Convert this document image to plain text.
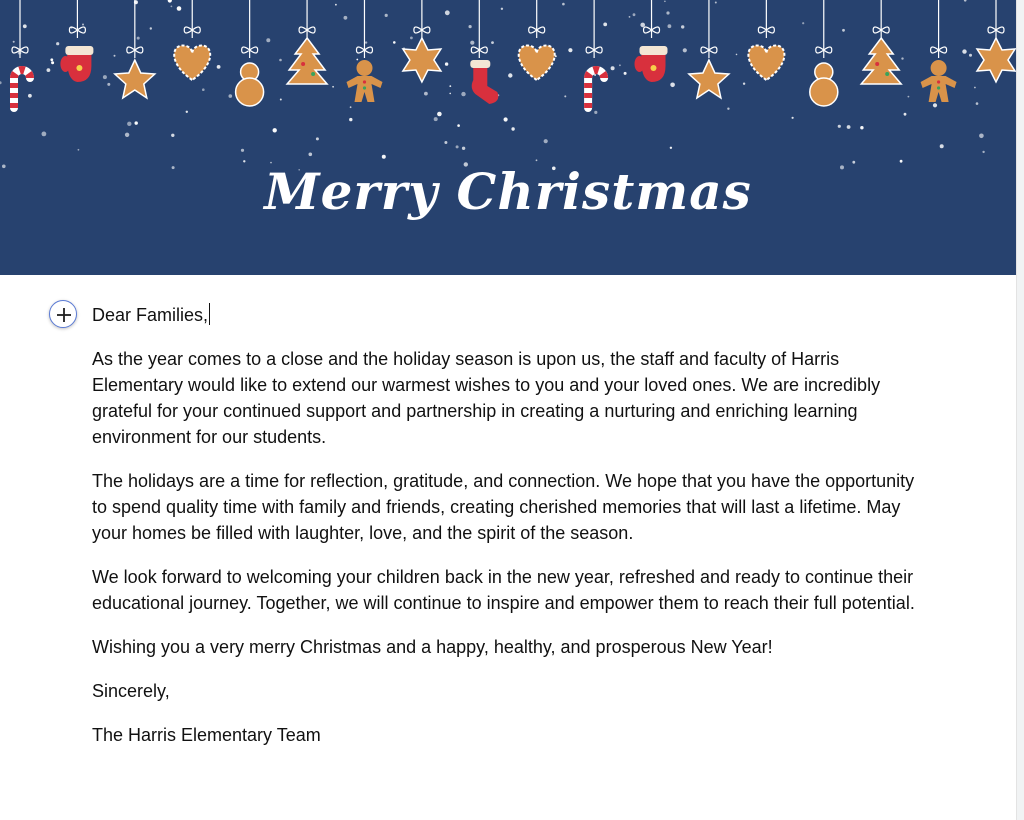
Merry Christmas

Dear Families,

As the year comes to a close and the holiday season is upon us, the staff and faculty of Harris Elementary would like to extend our warmest wishes to you and your loved ones. We are incredibly grateful for your continued support and partnership in creating a nurturing and enriching learning environment for our students.

The holidays are a time for reflection, gratitude, and connection. We hope that you have the opportunity to spend quality time with family and friends, creating cherished memories that will last a lifetime. May your homes be filled with laughter, love, and the spirit of the season.

We look forward to welcoming your children back in the new year, refreshed and ready to continue their educational journey. Together, we will continue to inspire and empower them to reach their full potential.

Wishing you a very merry Christmas and a happy, healthy, and prosperous New Year!

Sincerely,

The Harris Elementary Team
